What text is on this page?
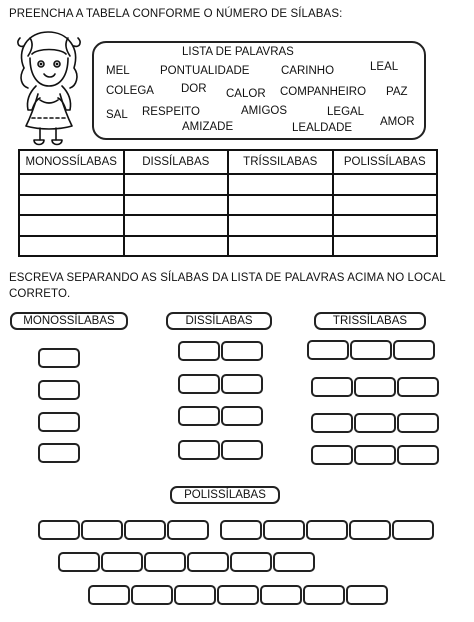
PREENCHA A TABELA CONFORME O NÚMERO DE SÍLABAS:
LISTA DE PALAVRAS
MEL	PONTUALIDADE	CARINHO	LEAL
COLEGA DOR CALOR COMPANHEIRO PAZ
SAL RESPEITO	AMIGOS	LEGAL
AMIZADE	LEALDADE AMOR
MONOSSÍLABAS	DISSÍLABAS	TRÍSSILABAS	POLISSÍLABAS

ESCREVA SEPARANDO AS SÍLABAS DA LISTA DE PALAVRAS ACIMA NO LOCAL
CORRETO.
MONOSSÍLABAS	DISSÍLABAS	TRISSÍLABAS
POLISSÍLABAS
